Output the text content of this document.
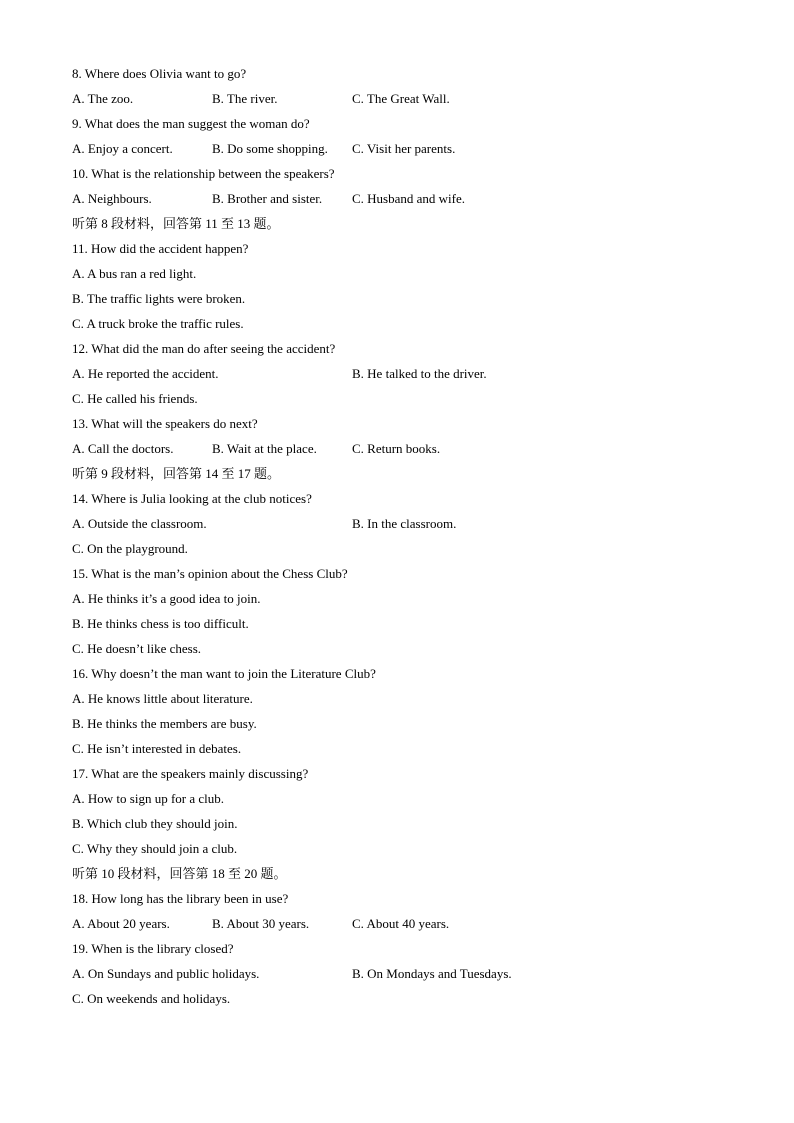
8. Where does Olivia want to go?
A. The zoo.	B. The river.	C. The Great Wall.
9. What does the man suggest the woman do?
A. Enjoy a concert.	B. Do some shopping. C. Visit her parents.
10. What is the relationship between the speakers?
A. Neighbours.	B. Brother and sister. C. Husband and wife.
听第 8 段材料，回答第 11 至 13 题。
11. How did the accident happen?
A. A bus ran a red light.
B. The traffic lights were broken.
C. A truck broke the traffic rules.
12. What did the man do after seeing the accident?
A. He reported the accident.	B. He talked to the driver.
C. He called his friends.
13. What will the speakers do next?
A. Call the doctors.	B. Wait at the place.	C. Return books.
听第 9 段材料，回答第 14 至 17 题。
14. Where is Julia looking at the club notices?
A. Outside the classroom.	B. In the classroom.
C. On the playground.
15. What is the man’s opinion about the Chess Club?
A. He thinks it’s a good idea to join.
B. He thinks chess is too difficult.
C. He doesn’t like chess.
16. Why doesn’t the man want to join the Literature Club?
A. He knows little about literature.
B. He thinks the members are busy.
C. He isn’t interested in debates.
17. What are the speakers mainly discussing?
A. How to sign up for a club.
B. Which club they should join.
C. Why they should join a club.
听第 10 段材料，回答第 18 至 20 题。
18. How long has the library been in use?
A. About 20 years.	B. About 30 years.	C. About 40 years.
19. When is the library closed?
A. On Sundays and public holidays.	B. On Mondays and Tuesdays.
C. On weekends and holidays.
